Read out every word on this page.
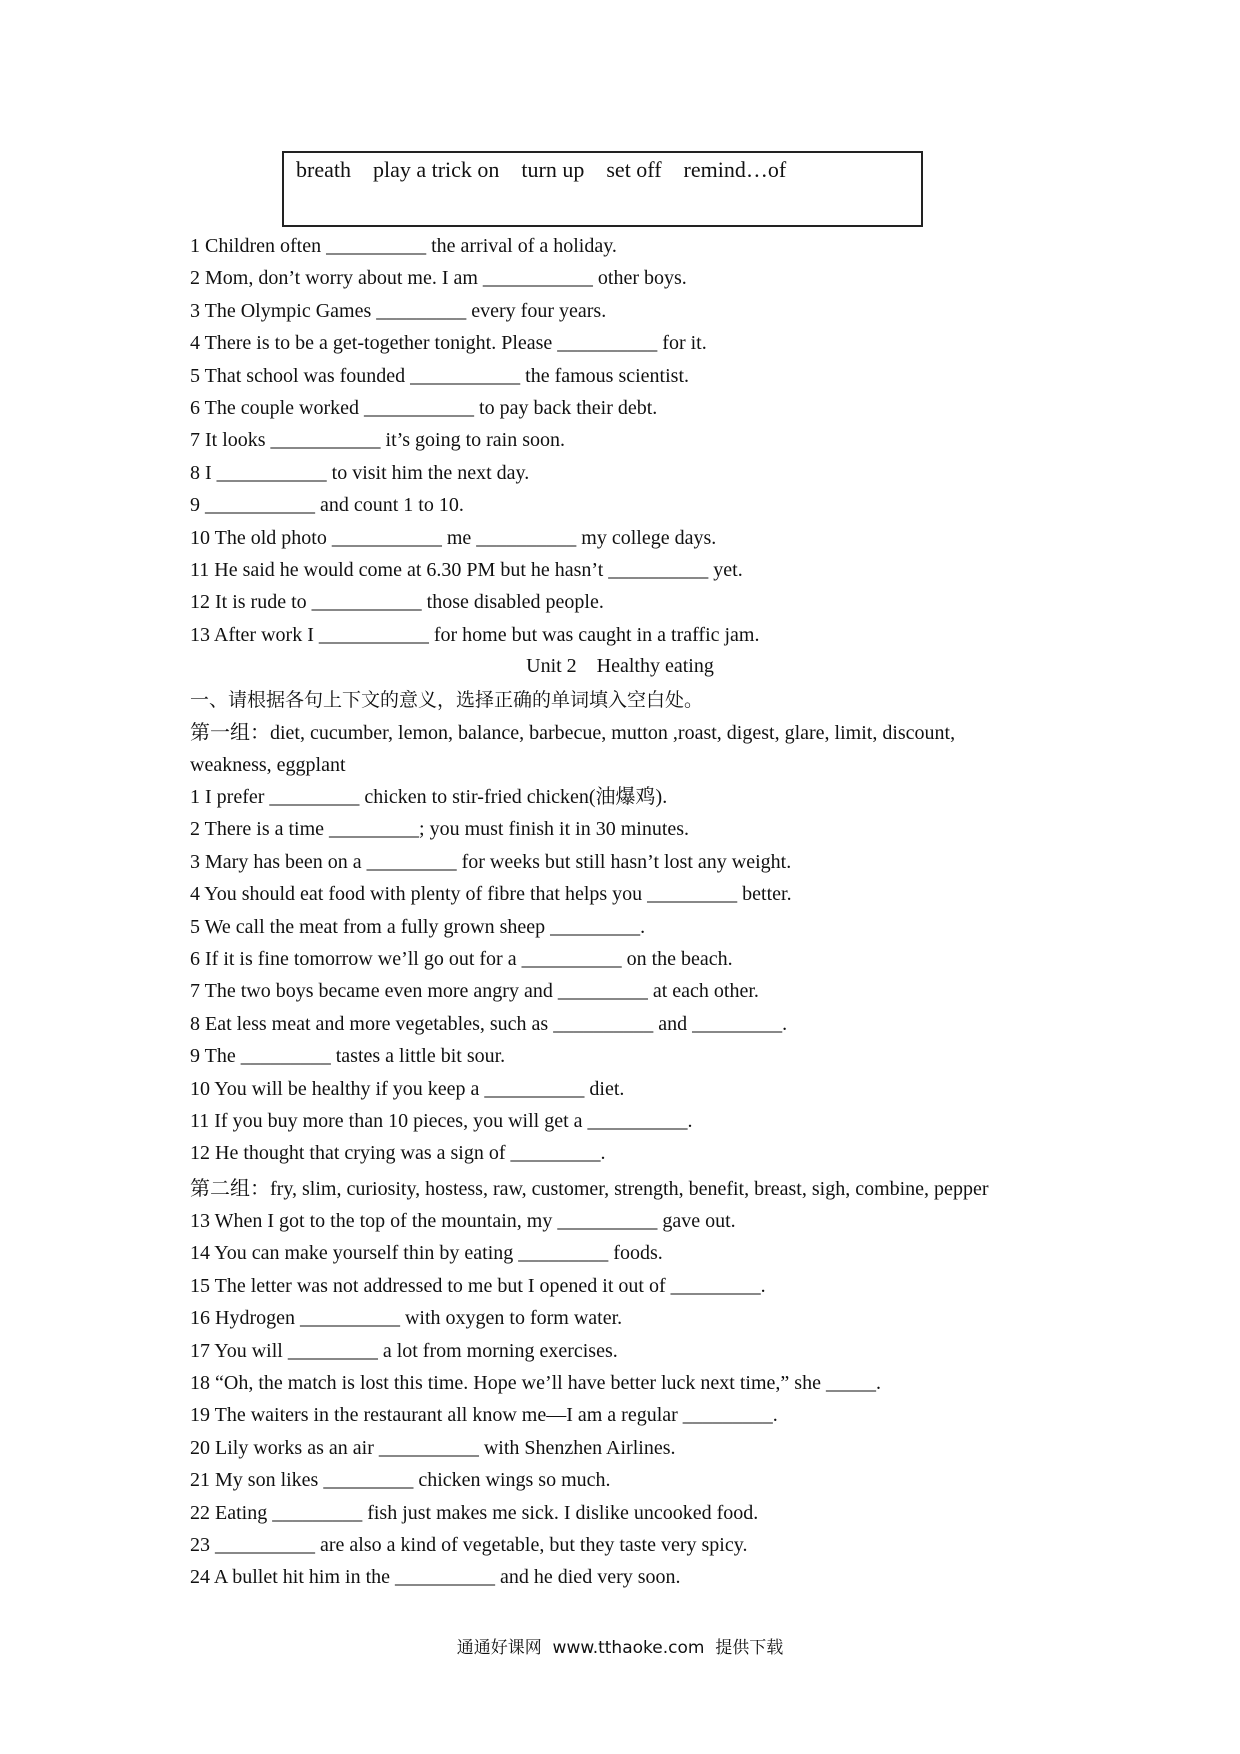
breath    play a trick on    turn up    set off    remind…of
1 Children often __________ the arrival of a holiday.
2 Mom, don’t worry about me. I am ___________ other boys.
3 The Olympic Games _________ every four years.
4 There is to be a get-together tonight. Please __________ for it.
5 That school was founded ___________ the famous scientist.
6 The couple worked ___________ to pay back their debt.
7 It looks ___________ it’s going to rain soon.
8 I ___________ to visit him the next day.
9 ___________ and count 1 to 10.
10 The old photo ___________ me __________ my college days.
11 He said he would come at 6.30 PM but he hasn’t __________ yet.
12 It is rude to ___________ those disabled people.
13 After work I ___________ for home but was caught in a traffic jam.
Unit 2    Healthy eating
一、请根据各句上下文的意义，选择正确的单词填入空白处。
第一组：diet, cucumber, lemon, balance, barbecue, mutton ,roast, digest, glare, limit, discount,
weakness, eggplant
1 I prefer _________ chicken to stir-fried chicken(油爆鸡).
2 There is a time _________; you must finish it in 30 minutes.
3 Mary has been on a _________ for weeks but still hasn’t lost any weight.
4 You should eat food with plenty of fibre that helps you _________ better.
5 We call the meat from a fully grown sheep _________.
6 If it is fine tomorrow we’ll go out for a __________ on the beach.
7 The two boys became even more angry and _________ at each other.
8 Eat less meat and more vegetables, such as __________ and _________.
9 The _________ tastes a little bit sour.
10 You will be healthy if you keep a __________ diet.
11 If you buy more than 10 pieces, you will get a __________.
12 He thought that crying was a sign of _________.
第二组：fry, slim, curiosity, hostess, raw, customer, strength, benefit, breast, sigh, combine, pepper
13 When I got to the top of the mountain, my __________ gave out.
14 You can make yourself thin by eating _________ foods.
15 The letter was not addressed to me but I opened it out of _________.
16 Hydrogen __________ with oxygen to form water.
17 You will _________ a lot from morning exercises.
18 “Oh, the match is lost this time. Hope we’ll have better luck next time,” she _____.
19 The waiters in the restaurant all know me—I am a regular _________.
20 Lily works as an air __________ with Shenzhen Airlines.
21 My son likes _________ chicken wings so much.
22 Eating _________ fish just makes me sick. I dislike uncooked food.
23 __________ are also a kind of vegetable, but they taste very spicy.
24 A bullet hit him in the __________ and he died very soon.
通通好课网  www.tthaoke.com  提供下载
